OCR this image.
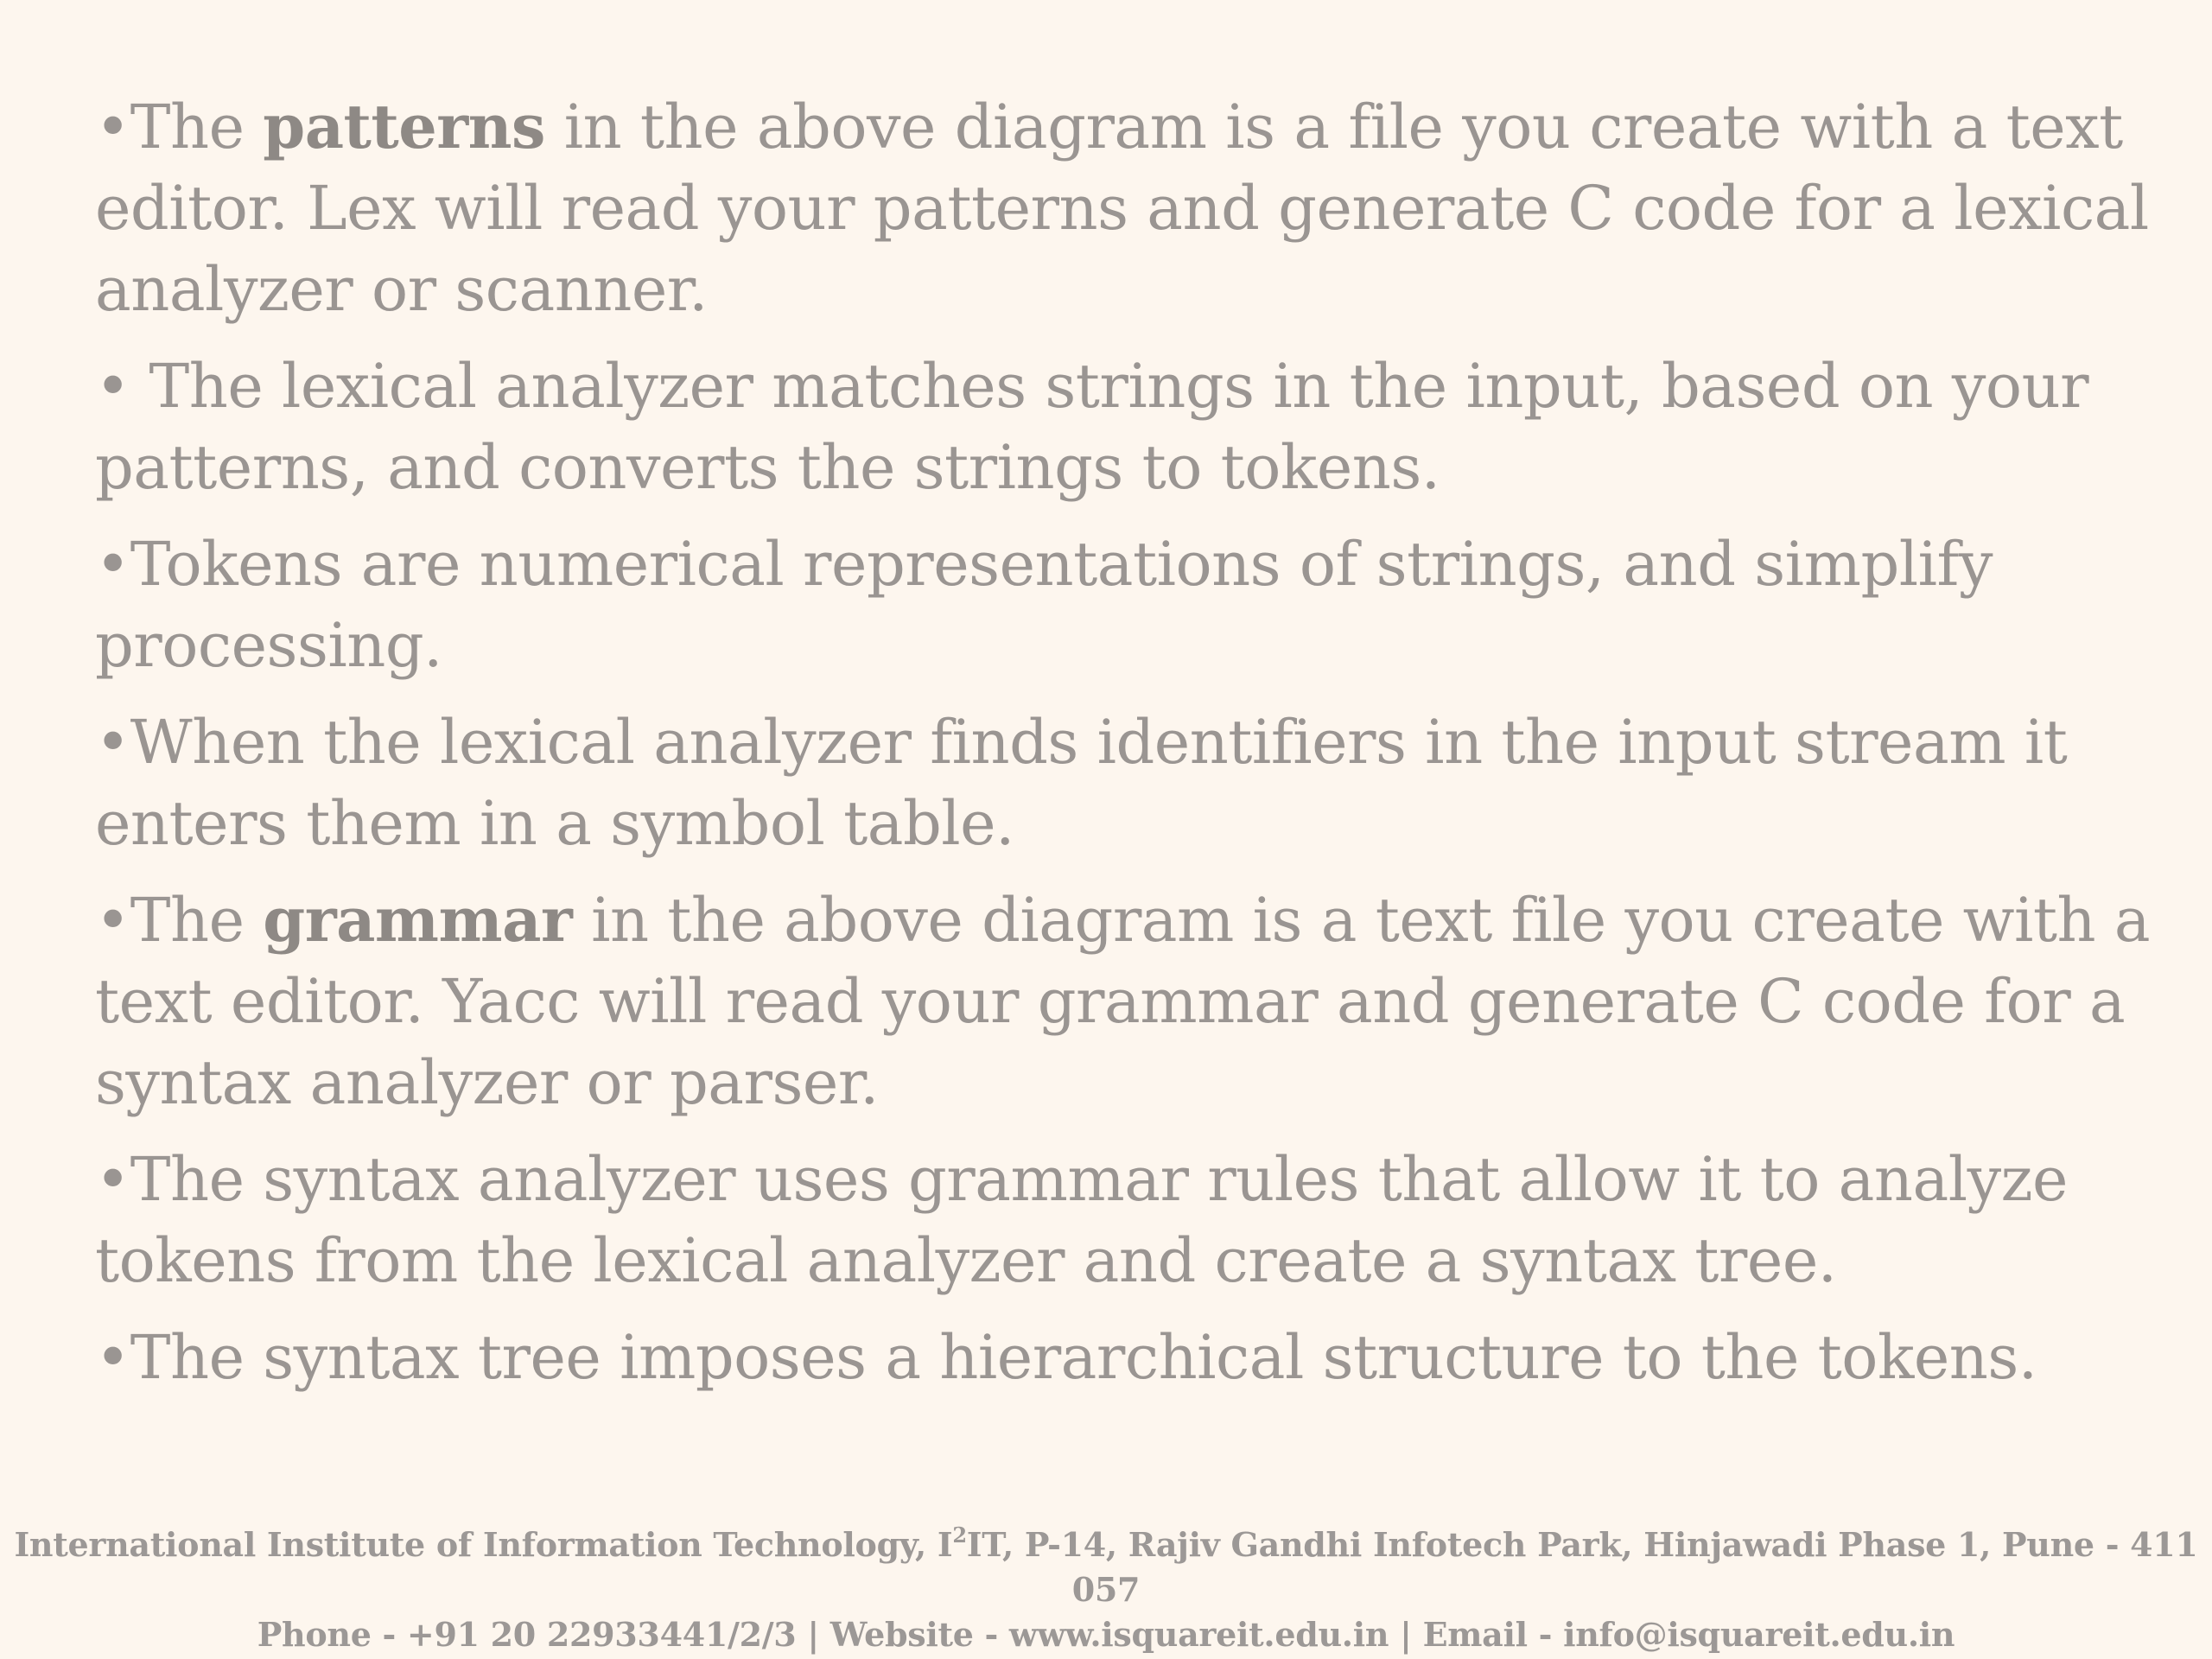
•The patterns in the above diagram is a file you create with a text editor. Lex will read your patterns and generate C code for a lexical analyzer or scanner.

• The lexical analyzer matches strings in the input, based on your patterns, and converts the strings to tokens.

•Tokens are numerical representations of strings, and simplify processing.

•When the lexical analyzer finds identifiers in the input stream it enters them in a symbol table.

•The grammar in the above diagram is a text file you create with a text editor. Yacc will read your grammar and generate C code for a syntax analyzer or parser.

•The syntax analyzer uses grammar rules that allow it to analyze tokens from the lexical analyzer and create a syntax tree.

•The syntax tree imposes a hierarchical structure to the tokens.

International Institute of Information Technology, $I^2IT$, P-14, Rajiv Gandhi Infotech Park, Hinjawadi Phase 1, Pune - 411 057
Phone - +91 20 22933441/2/3 | Website - www.isquareit.edu.in | Email - info@isquareit.edu.in
